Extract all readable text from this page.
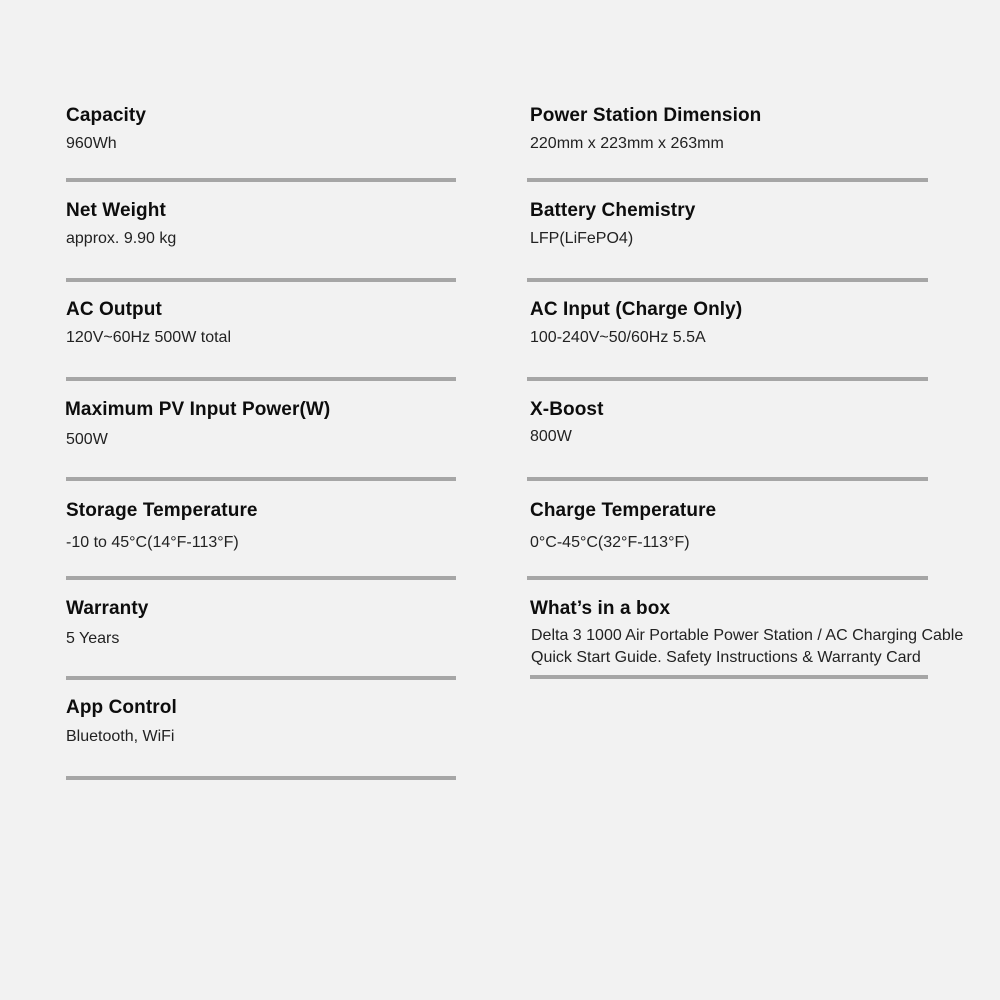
Capacity
960Wh
Net Weight
approx. 9.90 kg
AC Output
120V~60Hz 500W total
Maximum PV Input Power(W)
500W
Storage Temperature
-10 to 45°C(14°F-113°F)
Warranty
5 Years
App Control
Bluetooth, WiFi
Power Station Dimension
220mm x 223mm x 263mm
Battery Chemistry
LFP(LiFePO4)
AC Input (Charge Only)
100-240V~50/60Hz 5.5A
X-Boost
800W
Charge Temperature
0°C-45°C(32°F-113°F)
What’s in a box
Delta 3 1000 Air Portable Power Station / AC Charging Cable
Quick Start Guide. Safety Instructions & Warranty Card
